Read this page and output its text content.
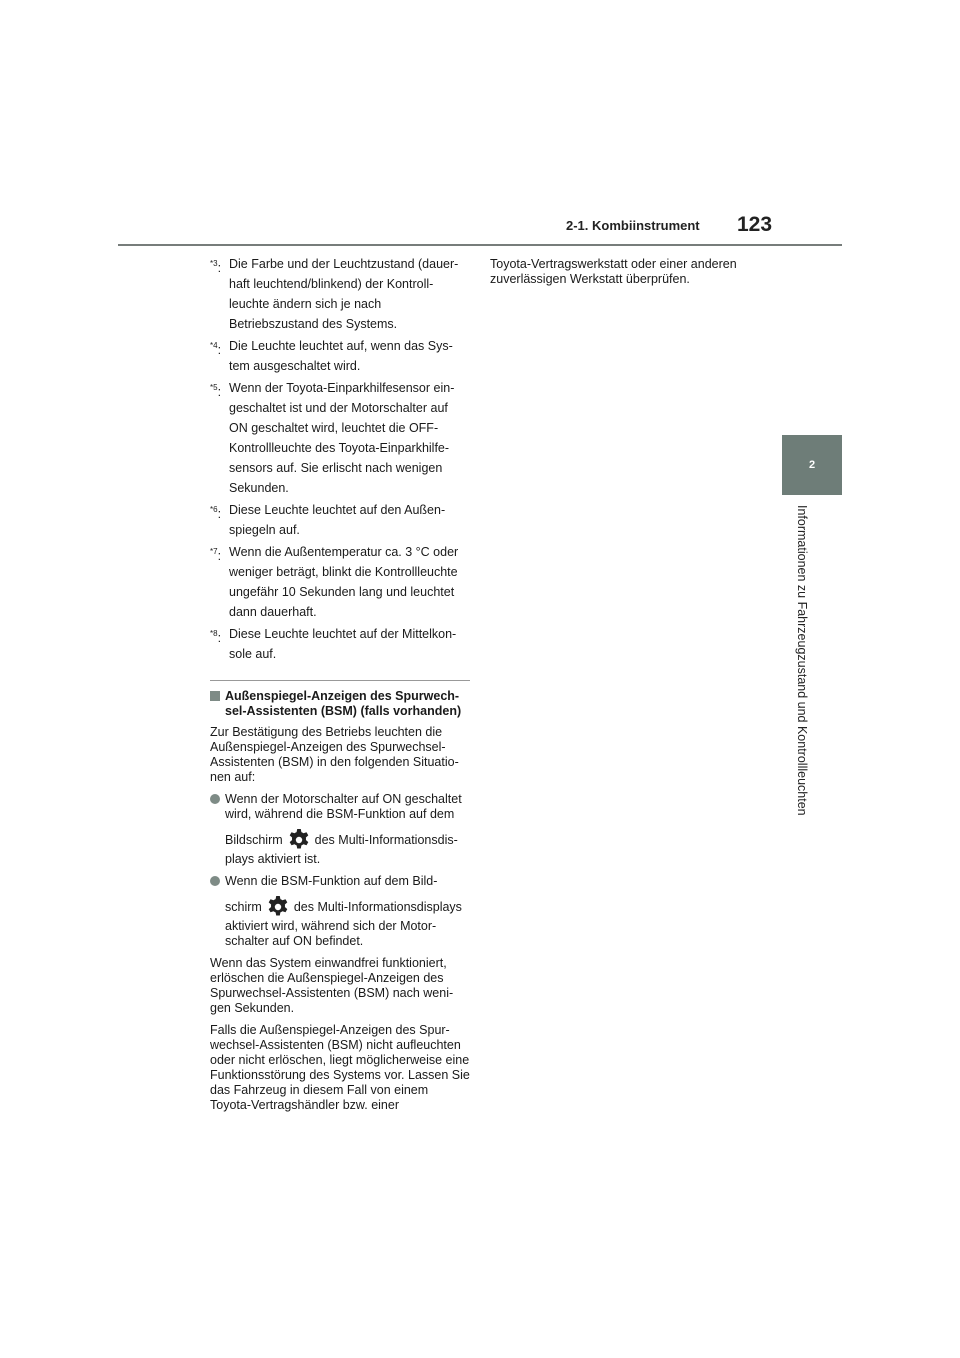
2-1. Kombiinstrument 123
2
Informationen zu Fahrzeugzustand und Kontrollleuchten
$^{*3}$: Die Farbe und der Leuchtzustand (dauer-haft leuchtend/blinkend) der Kontroll-leuchte ändern sich je nach Betriebszustand des Systems.
$^{*4}$: Die Leuchte leuchtet auf, wenn das Sys-tem ausgeschaltet wird.
$^{*5}$: Wenn der Toyota-Einparkhilfesensor ein-geschaltet ist und der Motorschalter auf ON geschaltet wird, leuchtet die OFF-Kontrollleuchte des Toyota-Einparkhilfe-sensors auf. Sie erlischt nach wenigen Sekunden.
$^{*6}$: Diese Leuchte leuchtet auf den Außen-spiegeln auf.
$^{*7}$: Wenn die Außentemperatur ca. 3 °C oder weniger beträgt, blinkt die Kontrollleuchte ungefähr 10 Sekunden lang und leuchtet dann dauerhaft.
$^{*8}$: Diese Leuchte leuchtet auf der Mittelkon-sole auf.
Außenspiegel-Anzeigen des Spurwech-sel-Assistenten (BSM) (falls vorhanden)
Zur Bestätigung des Betriebs leuchten die Außenspiegel-Anzeigen des Spurwechsel-Assistenten (BSM) in den folgenden Situatio-nen auf:
Wenn der Motorschalter auf ON geschaltet wird, während die BSM-Funktion auf dem
Bildschirm	des Multi-Informationsdis-
plays aktiviert ist.
Wenn die BSM-Funktion auf dem Bild-
schirm	des Multi-Informationsdisplays
aktiviert wird, während sich der Motor-schalter auf ON befindet.
Wenn das System einwandfrei funktioniert, erlöschen die Außenspiegel-Anzeigen des Spurwechsel-Assistenten (BSM) nach weni-gen Sekunden.
Falls die Außenspiegel-Anzeigen des Spur-wechsel-Assistenten (BSM) nicht aufleuchten oder nicht erlöschen, liegt möglicherweise eine Funktionsstörung des Systems vor. Lassen Sie das Fahrzeug in diesem Fall von einem Toyota-Vertragshändler bzw. einer
Toyota-Vertragswerkstatt oder einer anderen zuverlässigen Werkstatt überprüfen.
